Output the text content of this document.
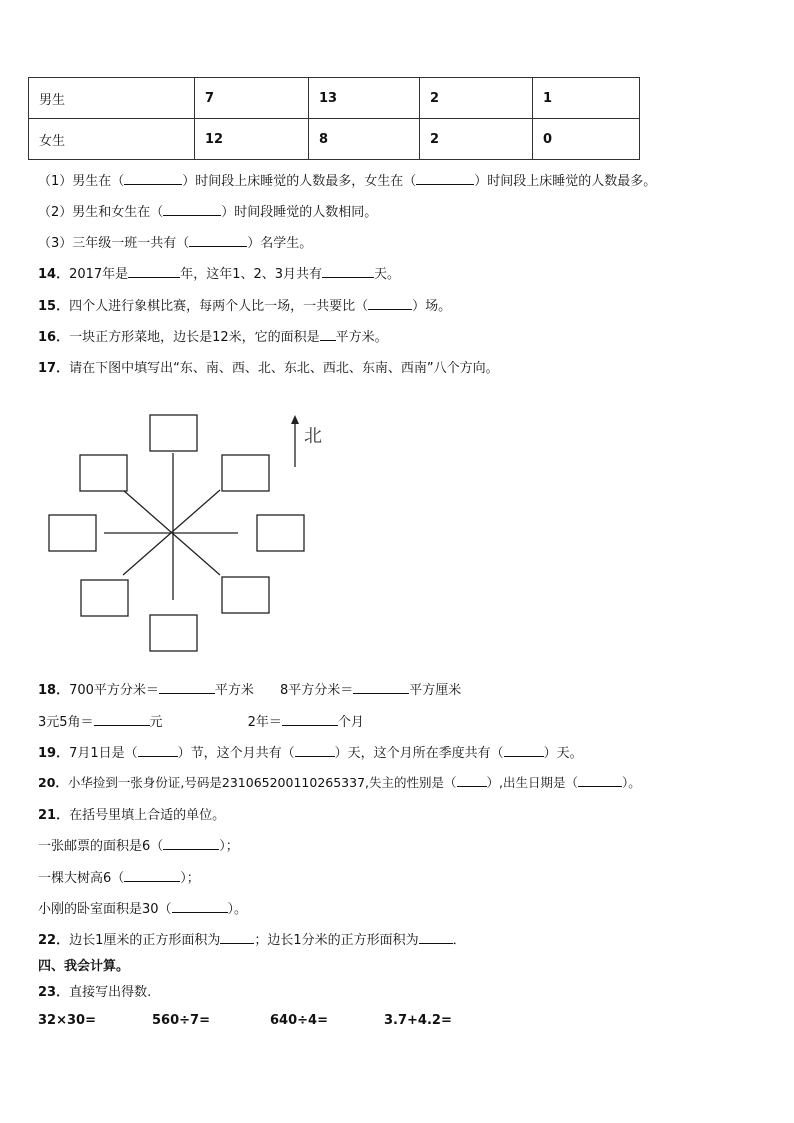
男生	7	13	2	1
女生	12	8	2	0
（1）男生在（	）时间段上床睡觉的人数最多，女生在（	）时间段上床睡觉的人数最多。
（2）男生和女生在（	）时间段睡觉的人数相同。
（3）三年级一班一共有（	）名学生。
14．2017年是	年，这年1、2、3月共有	天。
15．四个人进行象棋比赛，每两个人比一场，一共要比（	）场。
16．一块正方形菜地，边长是12米，它的面积是 平方米。
17．请在下图中填写出“东、南、西、北、东北、西北、东南、西南”八个方向。
北
18．700平方分米＝	平方米 8平方分米＝	平方厘米
3元5角＝	元	2年＝	个月
19．7月1日是（	）节，这个月共有（	）天，这个月所在季度共有（	）天。
20．小华捡到一张身份证,号码是231065200110265337,失主的性别是（ ）,出生日期是（	）。
21．在括号里填上合适的单位。
一张邮票的面积是6（	）；
一棵大树高6（	）；
小刚的卧室面积是30（	）。
22．边长1厘米的正方形面积为	；边长1分米的正方形面积为	．
四、我会计算。
23．直接写出得数.
32×30=	560÷7=	640÷4=	3.7+4.2=
